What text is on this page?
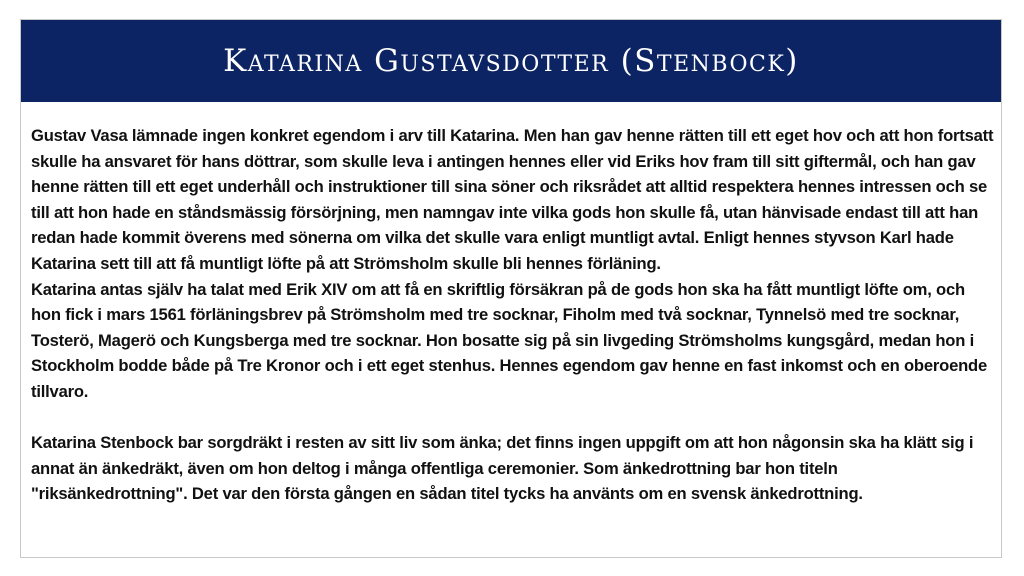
Katarina Gustavsdotter (Stenbock)

Gustav Vasa lämnade ingen konkret egendom i arv till Katarina. Men han gav henne rätten till ett eget hov och att hon fortsatt skulle ha ansvaret för hans döttrar, som skulle leva i antingen hennes eller vid Eriks hov fram till sitt giftermål, och han gav henne rätten till ett eget underhåll och instruktioner till sina söner och riksrådet att alltid respektera hennes intressen och se till att hon hade en ståndsmässig försörjning, men namngav inte vilka gods hon skulle få, utan hänvisade endast till att han redan hade kommit överens med sönerna om vilka det skulle vara enligt muntligt avtal. Enligt hennes styvson Karl hade Katarina sett till att få muntligt löfte på att Strömsholm skulle bli hennes förläning.

Katarina antas själv ha talat med Erik XIV om att få en skriftlig försäkran på de gods hon ska ha fått muntligt löfte om, och hon fick i mars 1561 förläningsbrev på Strömsholm med tre socknar, Fiholm med två socknar, Tynnelsö med tre socknar, Tosterö, Magerö och Kungsberga med tre socknar. Hon bosatte sig på sin livgeding Strömsholms kungsgård, medan hon i Stockholm bodde både på Tre Kronor och i ett eget stenhus. Hennes egendom gav henne en fast inkomst och en oberoende tillvaro.

Katarina Stenbock bar sorgdräkt i resten av sitt liv som änka; det finns ingen uppgift om att hon någonsin ska ha klätt sig i annat än änkedräkt, även om hon deltog i många offentliga ceremonier. Som änkedrottning bar hon titeln "riksänkedrottning". Det var den första gången en sådan titel tycks ha använts om en svensk änkedrottning.
